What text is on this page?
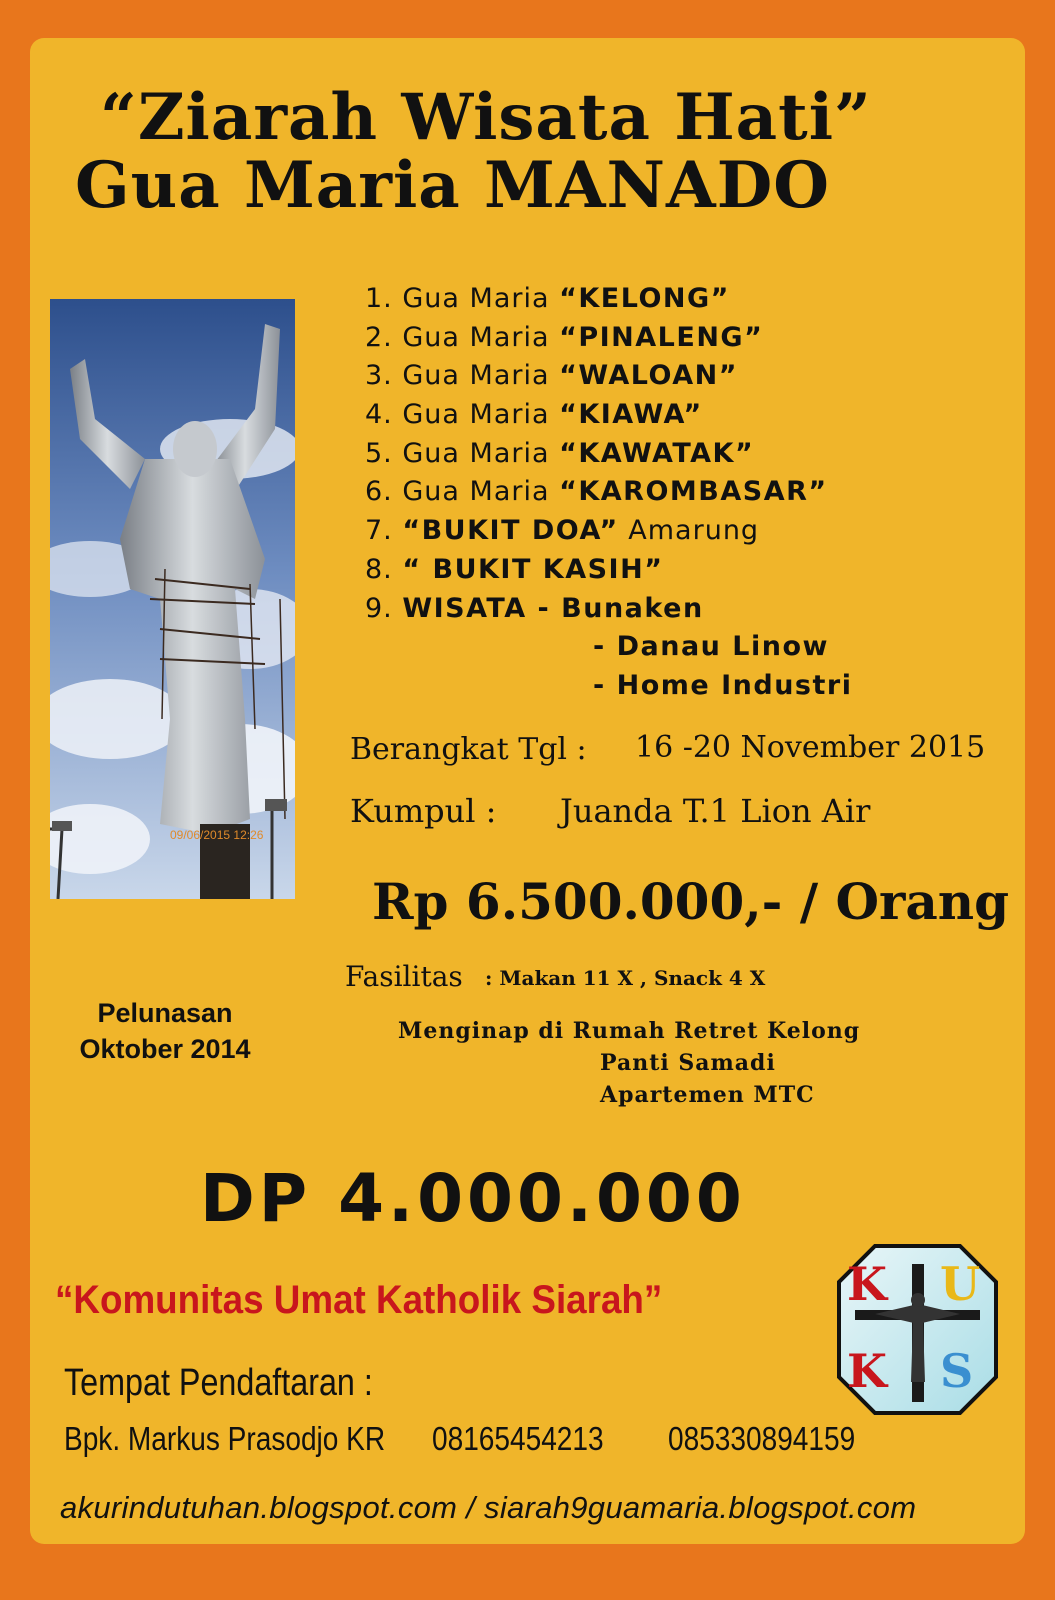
“Ziarah Wisata Hati”
Gua Maria MANADO
09/06/2015 12:26
1. Gua Maria “KELONG”
2. Gua Maria “PINALENG”
3. Gua Maria “WALOAN”
4. Gua Maria “KIAWA”
5. Gua Maria “KAWATAK”
6. Gua Maria “KAROMBASAR”
7. “BUKIT DOA” Amarung
8. “ BUKIT KASIH”
9. WISATA - Bunaken
- Danau Linow
- Home Industri
Berangkat Tgl : 16 -20 November 2015
Kumpul : Juanda T.1 Lion Air
Rp 6.500.000,- / Orang
Fasilitas : Makan 11 X , Snack 4 X
Menginap di Rumah Retret Kelong
Panti Samadi
Apartemen MTC
Pelunasan
Oktober 2014
DP 4.000.000
“Komunitas Umat Katholik Siarah”
Tempat Pendaftaran :
Bpk. Markus Prasodjo KR 08165454213 085330894159
akurindutuhan.blogspot.com / siarah9guamaria.blogspot.com
K U
K S
